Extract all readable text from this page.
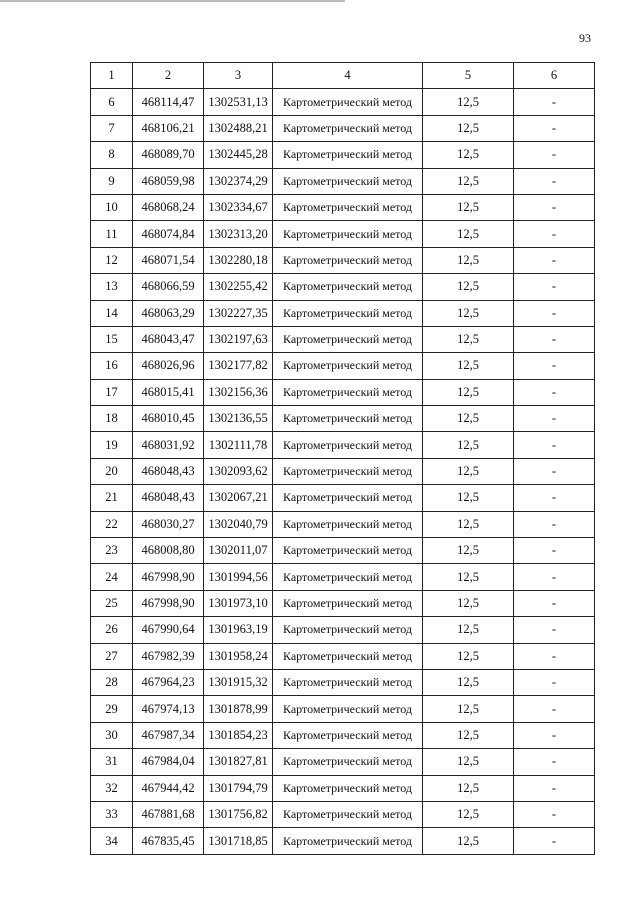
93
1	2	3	4	5	6
6	468114,47	1302531,13	Картометрический метод	12,5	-
7	468106,21	1302488,21	Картометрический метод	12,5	-
8	468089,70	1302445,28	Картометрический метод	12,5	-
9	468059,98	1302374,29	Картометрический метод	12,5	-
10	468068,24	1302334,67	Картометрический метод	12,5	-
11	468074,84	1302313,20	Картометрический метод	12,5	-
12	468071,54	1302280,18	Картометрический метод	12,5	-
13	468066,59	1302255,42	Картометрический метод	12,5	-
14	468063,29	1302227,35	Картометрический метод	12,5	-
15	468043,47	1302197,63	Картометрический метод	12,5	-
16	468026,96	1302177,82	Картометрический метод	12,5	-
17	468015,41	1302156,36	Картометрический метод	12,5	-
18	468010,45	1302136,55	Картометрический метод	12,5	-
19	468031,92	1302111,78	Картометрический метод	12,5	-
20	468048,43	1302093,62	Картометрический метод	12,5	-
21	468048,43	1302067,21	Картометрический метод	12,5	-
22	468030,27	1302040,79	Картометрический метод	12,5	-
23	468008,80	1302011,07	Картометрический метод	12,5	-
24	467998,90	1301994,56	Картометрический метод	12,5	-
25	467998,90	1301973,10	Картометрический метод	12,5	-
26	467990,64	1301963,19	Картометрический метод	12,5	-
27	467982,39	1301958,24	Картометрический метод	12,5	-
28	467964,23	1301915,32	Картометрический метод	12,5	-
29	467974,13	1301878,99	Картометрический метод	12,5	-
30	467987,34	1301854,23	Картометрический метод	12,5	-
31	467984,04	1301827,81	Картометрический метод	12,5	-
32	467944,42	1301794,79	Картометрический метод	12,5	-
33	467881,68	1301756,82	Картометрический метод	12,5	-
34	467835,45	1301718,85	Картометрический метод	12,5	-
